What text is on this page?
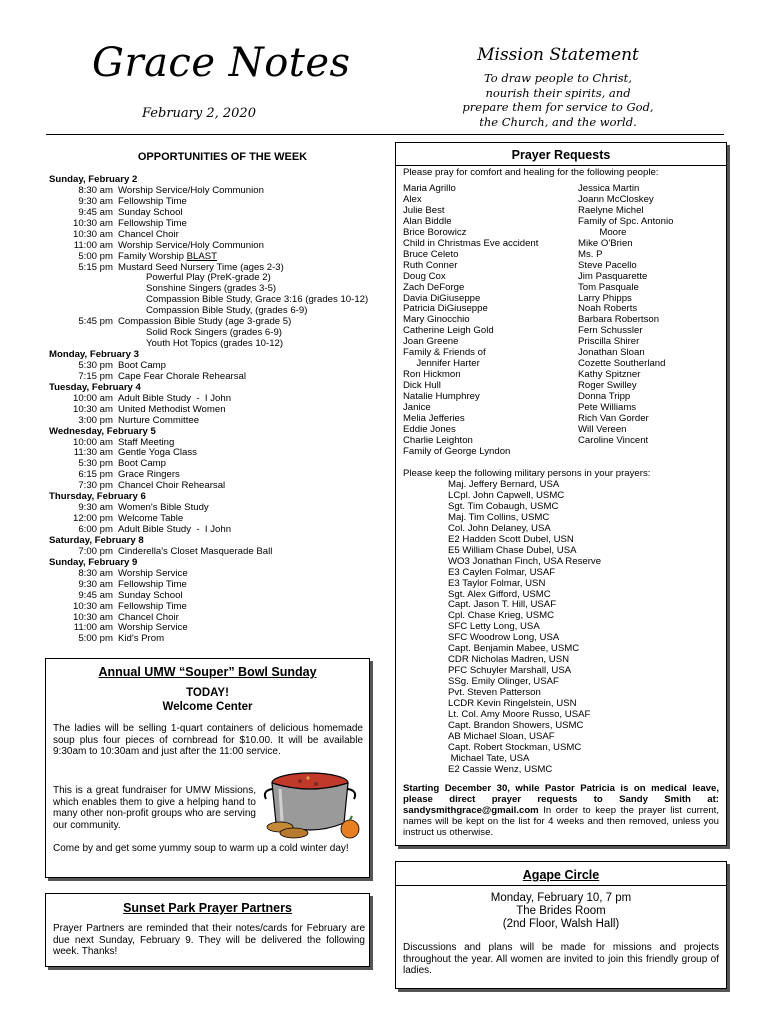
Grace Notes
February 2, 2020
Mission Statement
To draw people to Christ,
nourish their spirits, and
prepare them for service to God,
the Church, and the world.
OPPORTUNITIES OF THE WEEK
Sunday, February 2
8:30 am Worship Service/Holy Communion
9:30 am Fellowship Time
9:45 am Sunday School
10:30 am Fellowship Time
10:30 am Chancel Choir
11:00 am Worship Service/Holy Communion
5:00 pm Family Worship BLAST
5:15 pm Mustard Seed Nursery Time (ages 2-3)
Powerful Play (PreK-grade 2)
Sonshine Singers (grades 3-5)
Compassion Bible Study, Grace 3:16 (grades 10-12)
Compassion Bible Study, (grades 6-9)
5:45 pm Compassion Bible Study (age 3-grade 5)
Solid Rock Singers (grades 6-9)
Youth Hot Topics (grades 10-12)
Monday, February 3
5:30 pm Boot Camp
7:15 pm Cape Fear Chorale Rehearsal
Tuesday, February 4
10:00 am Adult Bible Study  -  I John
10:30 am United Methodist Women
3:00 pm Nurture Committee
Wednesday, February 5
10:00 am Staff Meeting
11:30 am Gentle Yoga Class
5:30 pm Boot Camp
6:15 pm Grace Ringers
7:30 pm Chancel Choir Rehearsal
Thursday, February 6
9:30 am Women's Bible Study
12:00 pm Welcome Table
6:00 pm Adult Bible Study  -  I John
Saturday, February 8
7:00 pm Cinderella's Closet Masquerade Ball
Sunday, February 9
8:30 am Worship Service
9:30 am Fellowship Time
9:45 am Sunday School
10:30 am Fellowship Time
10:30 am Chancel Choir
11:00 am Worship Service
5:00 pm Kid's Prom
Annual UMW “Souper” Bowl Sunday
TODAY!
Welcome Center
The ladies will be selling 1-quart containers of delicious homemade soup plus four pieces of cornbread for $10.00. It will be available 9:30am to 10:30am and just after the 11:00 service.
This is a great fundraiser for UMW Missions, which enables them to give a helping hand to many other non-profit groups who are serving our community.
Come by and get some yummy soup to warm up a cold winter day!
Sunset Park Prayer Partners
Prayer Partners are reminded that their notes/cards for February are due next Sunday, February 9. They will be delivered the following week. Thanks!
Prayer Requests
Please pray for comfort and healing for the following people:
Maria Agrillo
Alex
Julie Best
Alan Biddle
Brice Borowicz
Child in Christmas Eve accident
Bruce Celeto
Ruth Conner
Doug Cox
Zach DeForge
Davia DiGiuseppe
Patricia DiGiuseppe
Mary Ginocchio
Catherine Leigh Gold
Joan Greene
Family & Friends of
Jennifer Harter
Ron Hickmon
Dick Hull
Natalie Humphrey
Janice
Melia Jefferies
Eddie Jones
Charlie Leighton
Family of George Lyndon
Jessica Martin
Joann McCloskey
Raelyne Michel
Family of Spc. Antonio
Moore
Mike O'Brien
Ms. P
Steve Pacello
Jim Pasquarette
Tom Pasquale
Larry Phipps
Noah Roberts
Barbara Robertson
Fern Schussler
Priscilla Shirer
Jonathan Sloan
Cozette Southerland
Kathy Spitzner
Roger Swilley
Donna Tripp
Pete Williams
Rich Van Gorder
Will Vereen
Caroline Vincent
Please keep the following military persons in your prayers:
Maj. Jeffery Bernard, USA
LCpl. John Capwell, USMC
Sgt. Tim Cobaugh, USMC
Maj. Tim Collins, USMC
Col. John Delaney, USA
E2 Hadden Scott Dubel, USN
E5 William Chase Dubel, USA
WO3 Jonathan Finch, USA Reserve
E3 Caylen Folmar, USAF
E3 Taylor Folmar, USN
Sgt. Alex Gifford, USMC
Capt. Jason T. Hill, USAF
Cpl. Chase Krieg, USMC
SFC Letty Long, USA
SFC Woodrow Long, USA
Capt. Benjamin Mabee, USMC
CDR Nicholas Madren, USN
PFC Schuyler Marshall, USA
SSg. Emily Olinger, USAF
Pvt. Steven Patterson
LCDR Kevin Ringelstein, USN
Lt. Col. Amy Moore Russo, USAF
Capt. Brandon Showers, USMC
AB Michael Sloan, USAF
Capt. Robert Stockman, USMC
Michael Tate, USA
E2 Cassie Wenz, USMC
Starting December 30, while Pastor Patricia is on medical leave, please direct prayer requests to Sandy Smith at: sandysmithgrace@gmail.com In order to keep the prayer list current, names will be kept on the list for 4 weeks and then removed, unless you instruct us otherwise.
Agape Circle
Monday, February 10, 7 pm
The Brides Room
(2nd Floor, Walsh Hall)
Discussions and plans will be made for missions and projects throughout the year. All women are invited to join this friendly group of ladies.
